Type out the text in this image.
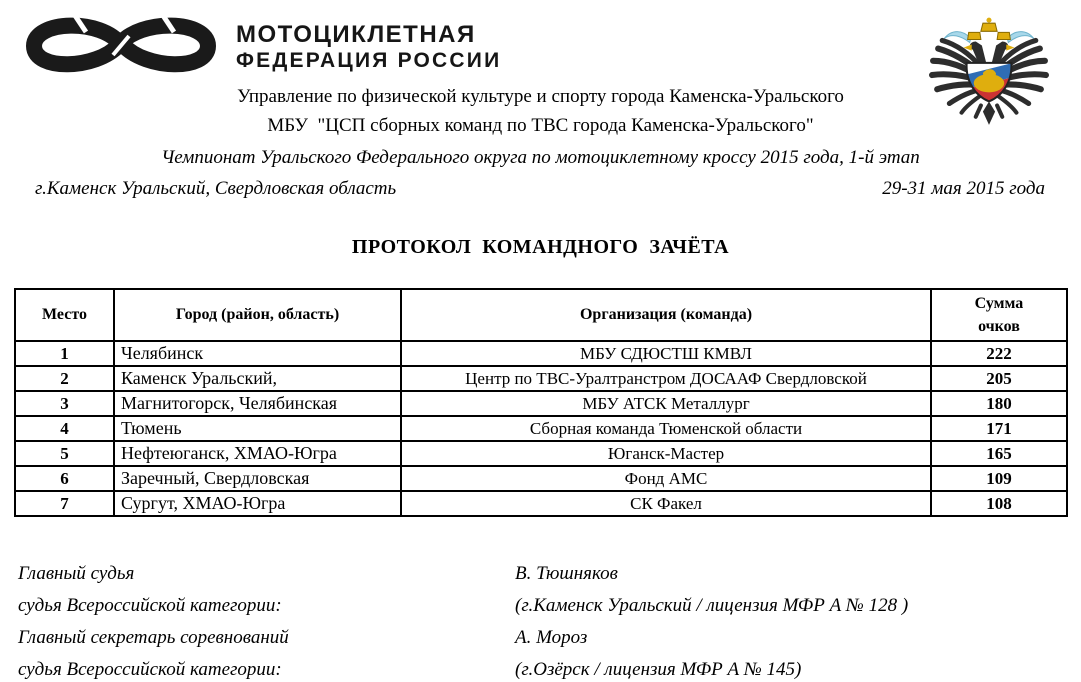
МОТОЦИКЛЕТНАЯ
ФЕДЕРАЦИЯ РОССИИ
Управление по физической культуре и спорту города Каменска-Уральского
МБУ  "ЦСП сборных команд по ТВС города Каменска-Уральского"
Чемпионат Уральского Федерального округа по мотоциклетному кроссу 2015 года, 1-й этап
г.Каменск Уральский, Свердловская область	29-31 мая 2015 года
ПРОТОКОЛ  КОМАНДНОГО  ЗАЧЁТА
Место	Город (район, область)	Организация (команда)	Сумма очков
1	Челябинск	МБУ СДЮСТШ КМВЛ	222
2	Каменск Уральский,	Центр по ТВС-Уралтранстром ДОСААФ Свердловской	205
3	Магнитогорск, Челябинская	МБУ АТСК Металлург	180
4	Тюмень	Сборная команда Тюменской области	171
5	Нефтеюганск, ХМАО-Югра	Юганск-Мастер	165
6	Заречный, Свердловская	Фонд АМС	109
7	Сургут, ХМАО-Югра	СК Факел	108
Главный судья	В. Тюшняков
судья Всероссийской категории:	(г.Каменск Уральский / лицензия МФР А № 128 )
Главный секретарь соревнований	А. Мороз
судья Всероссийской категории:	(г.Озёрск / лицензия МФР А № 145)
